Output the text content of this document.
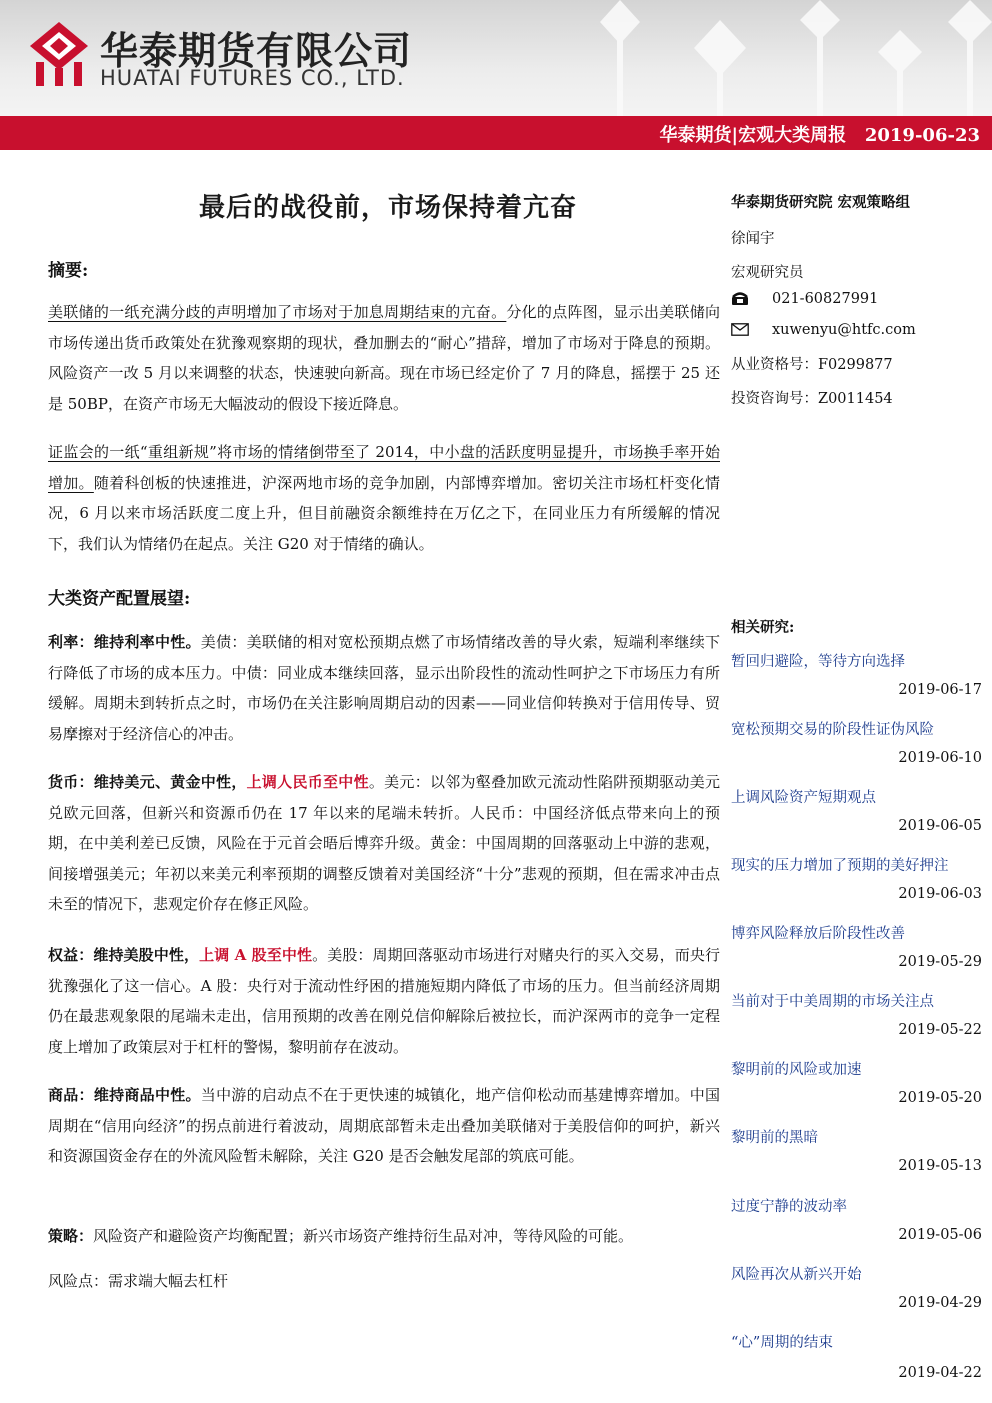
华泰期货有限公司
HUATAI FUTURES CO., LTD.
华泰期货|宏观大类周报   2019-06-23
最后的战役前，市场保持着亢奋
摘要:
美联储的一纸充满分歧的声明增加了市场对于加息周期结束的亢奋。分化的点阵图，显示出美联储向市场传递出货币政策处在犹豫观察期的现状，叠加删去的“耐心”措辞，增加了市场对于降息的预期。风险资产一改 5 月以来调整的状态，快速驶向新高。现在市场已经定价了 7 月的降息，摇摆于 25 还是 50BP，在资产市场无大幅波动的假设下接近降息。
证监会的一纸“重组新规”将市场的情绪倒带至了 2014，中小盘的活跃度明显提升，市场换手率开始增加。随着科创板的快速推进，沪深两地市场的竞争加剧，内部博弈增加。密切关注市场杠杆变化情况，6 月以来市场活跃度二度上升，但目前融资余额维持在万亿之下，在同业压力有所缓解的情况下，我们认为情绪仍在起点。关注 G20 对于情绪的确认。
大类资产配置展望:
利率：维持利率中性。美债：美联储的相对宽松预期点燃了市场情绪改善的导火索，短端利率继续下行降低了市场的成本压力。中债：同业成本继续回落，显示出阶段性的流动性呵护之下市场压力有所缓解。周期未到转折点之时，市场仍在关注影响周期启动的因素——同业信仰转换对于信用传导、贸易摩擦对于经济信心的冲击。
货币：维持美元、黄金中性，上调人民币至中性。美元：以邻为壑叠加欧元流动性陷阱预期驱动美元兑欧元回落，但新兴和资源币仍在 17 年以来的尾端未转折。人民币：中国经济低点带来向上的预期，在中美利差已反馈，风险在于元首会晤后博弈升级。黄金：中国周期的回落驱动上中游的悲观，间接增强美元；年初以来美元利率预期的调整反馈着对美国经济“十分”悲观的预期，但在需求冲击点未至的情况下，悲观定价存在修正风险。
权益：维持美股中性，上调 A 股至中性。美股：周期回落驱动市场进行对赌央行的买入交易，而央行犹豫强化了这一信心。A 股：央行对于流动性纾困的措施短期内降低了市场的压力。但当前经济周期仍在最悲观象限的尾端未走出，信用预期的改善在刚兑信仰解除后被拉长，而沪深两市的竞争一定程度上增加了政策层对于杠杆的警惕，黎明前存在波动。
商品：维持商品中性。当中游的启动点不在于更快速的城镇化，地产信仰松动而基建博弈增加。中国周期在“信用向经济”的拐点前进行着波动，周期底部暂未走出叠加美联储对于美股信仰的呵护，新兴和资源国资金存在的外流风险暂未解除，关注 G20 是否会触发尾部的筑底可能。
策略：风险资产和避险资产均衡配置；新兴市场资产维持衍生品对冲，等待风险的可能。
风险点：需求端大幅去杠杆
华泰期货研究院 宏观策略组
徐闻宇
宏观研究员
021-60827991
xuwenyu@htfc.com
从业资格号：F0299877
投资咨询号：Z0011454
相关研究:
暂回归避险，等待方向选择
2019-06-17
宽松预期交易的阶段性证伪风险
2019-06-10
上调风险资产短期观点
2019-06-05
现实的压力增加了预期的美好押注
2019-06-03
博弈风险释放后阶段性改善
2019-05-29
当前对于中美周期的市场关注点
2019-05-22
黎明前的风险或加速
2019-05-20
黎明前的黑暗
2019-05-13
过度宁静的波动率
2019-05-06
风险再次从新兴开始
2019-04-29
“心”周期的结束
2019-04-22
